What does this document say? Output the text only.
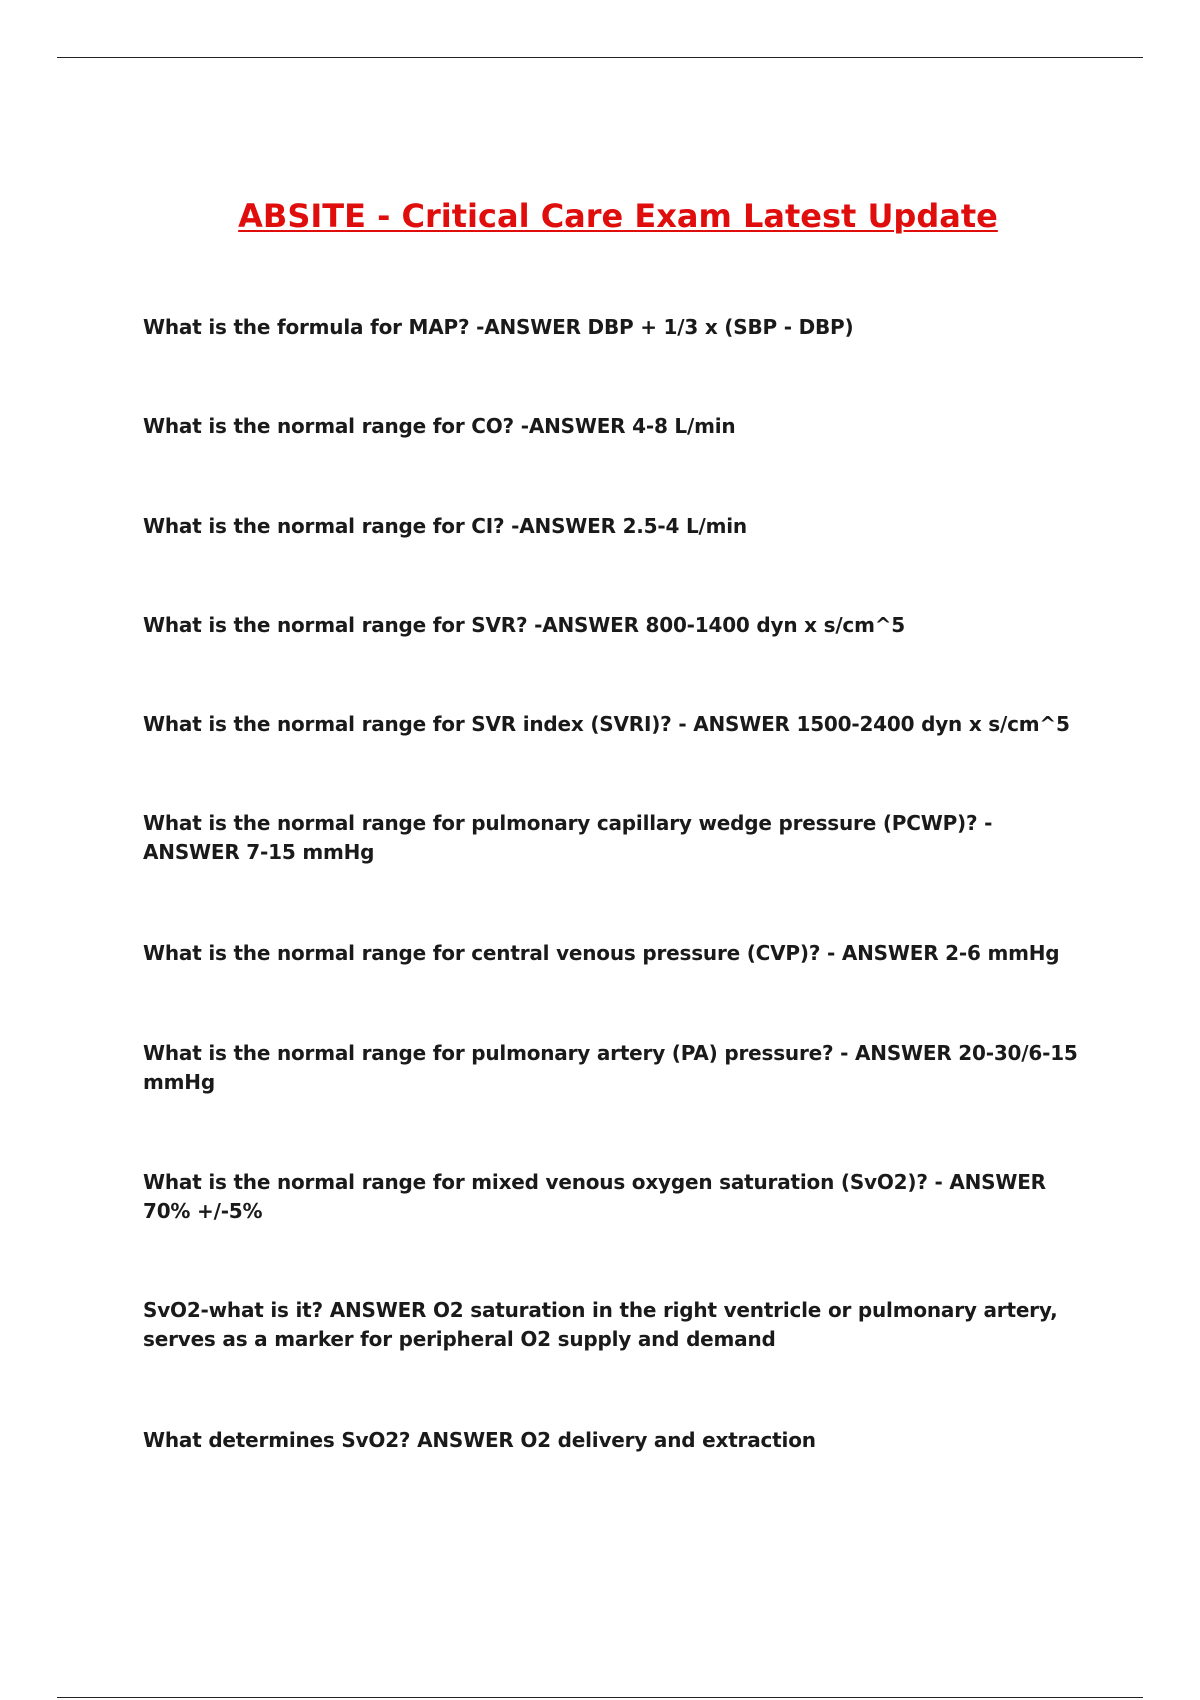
ABSITE - Critical Care Exam Latest Update

What is the formula for MAP? -ANSWER DBP + 1/3 x (SBP - DBP)

What is the normal range for CO? -ANSWER 4-8 L/min

What is the normal range for CI? -ANSWER 2.5-4 L/min

What is the normal range for SVR? -ANSWER 800-1400 dyn x s/cm^5

What is the normal range for SVR index (SVRI)? - ANSWER 1500-2400 dyn x s/cm^5

What is the normal range for pulmonary capillary wedge pressure (PCWP)? - ANSWER 7-15 mmHg

What is the normal range for central venous pressure (CVP)? - ANSWER 2-6 mmHg

What is the normal range for pulmonary artery (PA) pressure? - ANSWER 20-30/6-15 mmHg

What is the normal range for mixed venous oxygen saturation (SvO2)? - ANSWER 70% +/-5%

SvO2-what is it? ANSWER O2 saturation in the right ventricle or pulmonary artery, serves as a marker for peripheral O2 supply and demand

What determines SvO2? ANSWER O2 delivery and extraction
